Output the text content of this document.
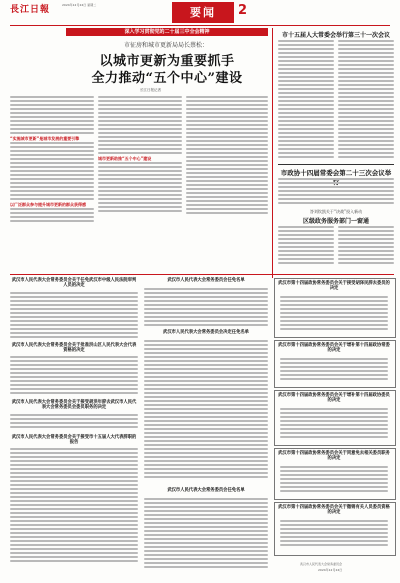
長江日報	2024年12月24日 星期二
要闻	2
深入学习贯彻党的二十届三中全会精神
市征房和城市更新局局长蔡松：
以城市更新为重要抓手
全力推动“五个中心”建设
长江日报记者
“实施城市更新”是城市发展的重要引擎
以广泛群众参与提升城市更新的群众获得感
城市更新助推“五个中心”建设
市十五届人大常委会举行第三十一次会议
市政协十四届常委会第二十三次会议举
答刘钦凯关于“决战”投入新动
区级政务服务部门一窗通
武汉市人民代表大会常务委员会关于任免武汉市中级人民法院审判人员的决定
武汉市人民代表大会常务委员会关于批准洪山区人民代表大会代表资格的决定
武汉市人民代表大会常务委员会关于接受胡洪年辞去武汉市人民代表大会常务委员会委员职务的决定
武汉市人民代表大会常务委员会关于接受市十五届人大代表辞职的报告
武汉市人民代表大会常务委员会任免名单
武汉市人民代表大会常务委员会决定任免名单
武汉市人民代表大会常务委员会任免名单
武汉市第十四届政协常务委员会关于接受胡泽民辞去委员的决定
武汉市第十四届政协常务委员会关于增补第十四届政协常委的决定
武汉市第十四届政协常务委员会关于增补第十四届政协委员的决定
武汉市第十四届政协常务委员会关于同意免去相关委员职务的决定
武汉市第十四届政协常务委员会关于撤销有关人员委员资格的决定
武汉市人民代表大会常务委员会
2024年12月24日
